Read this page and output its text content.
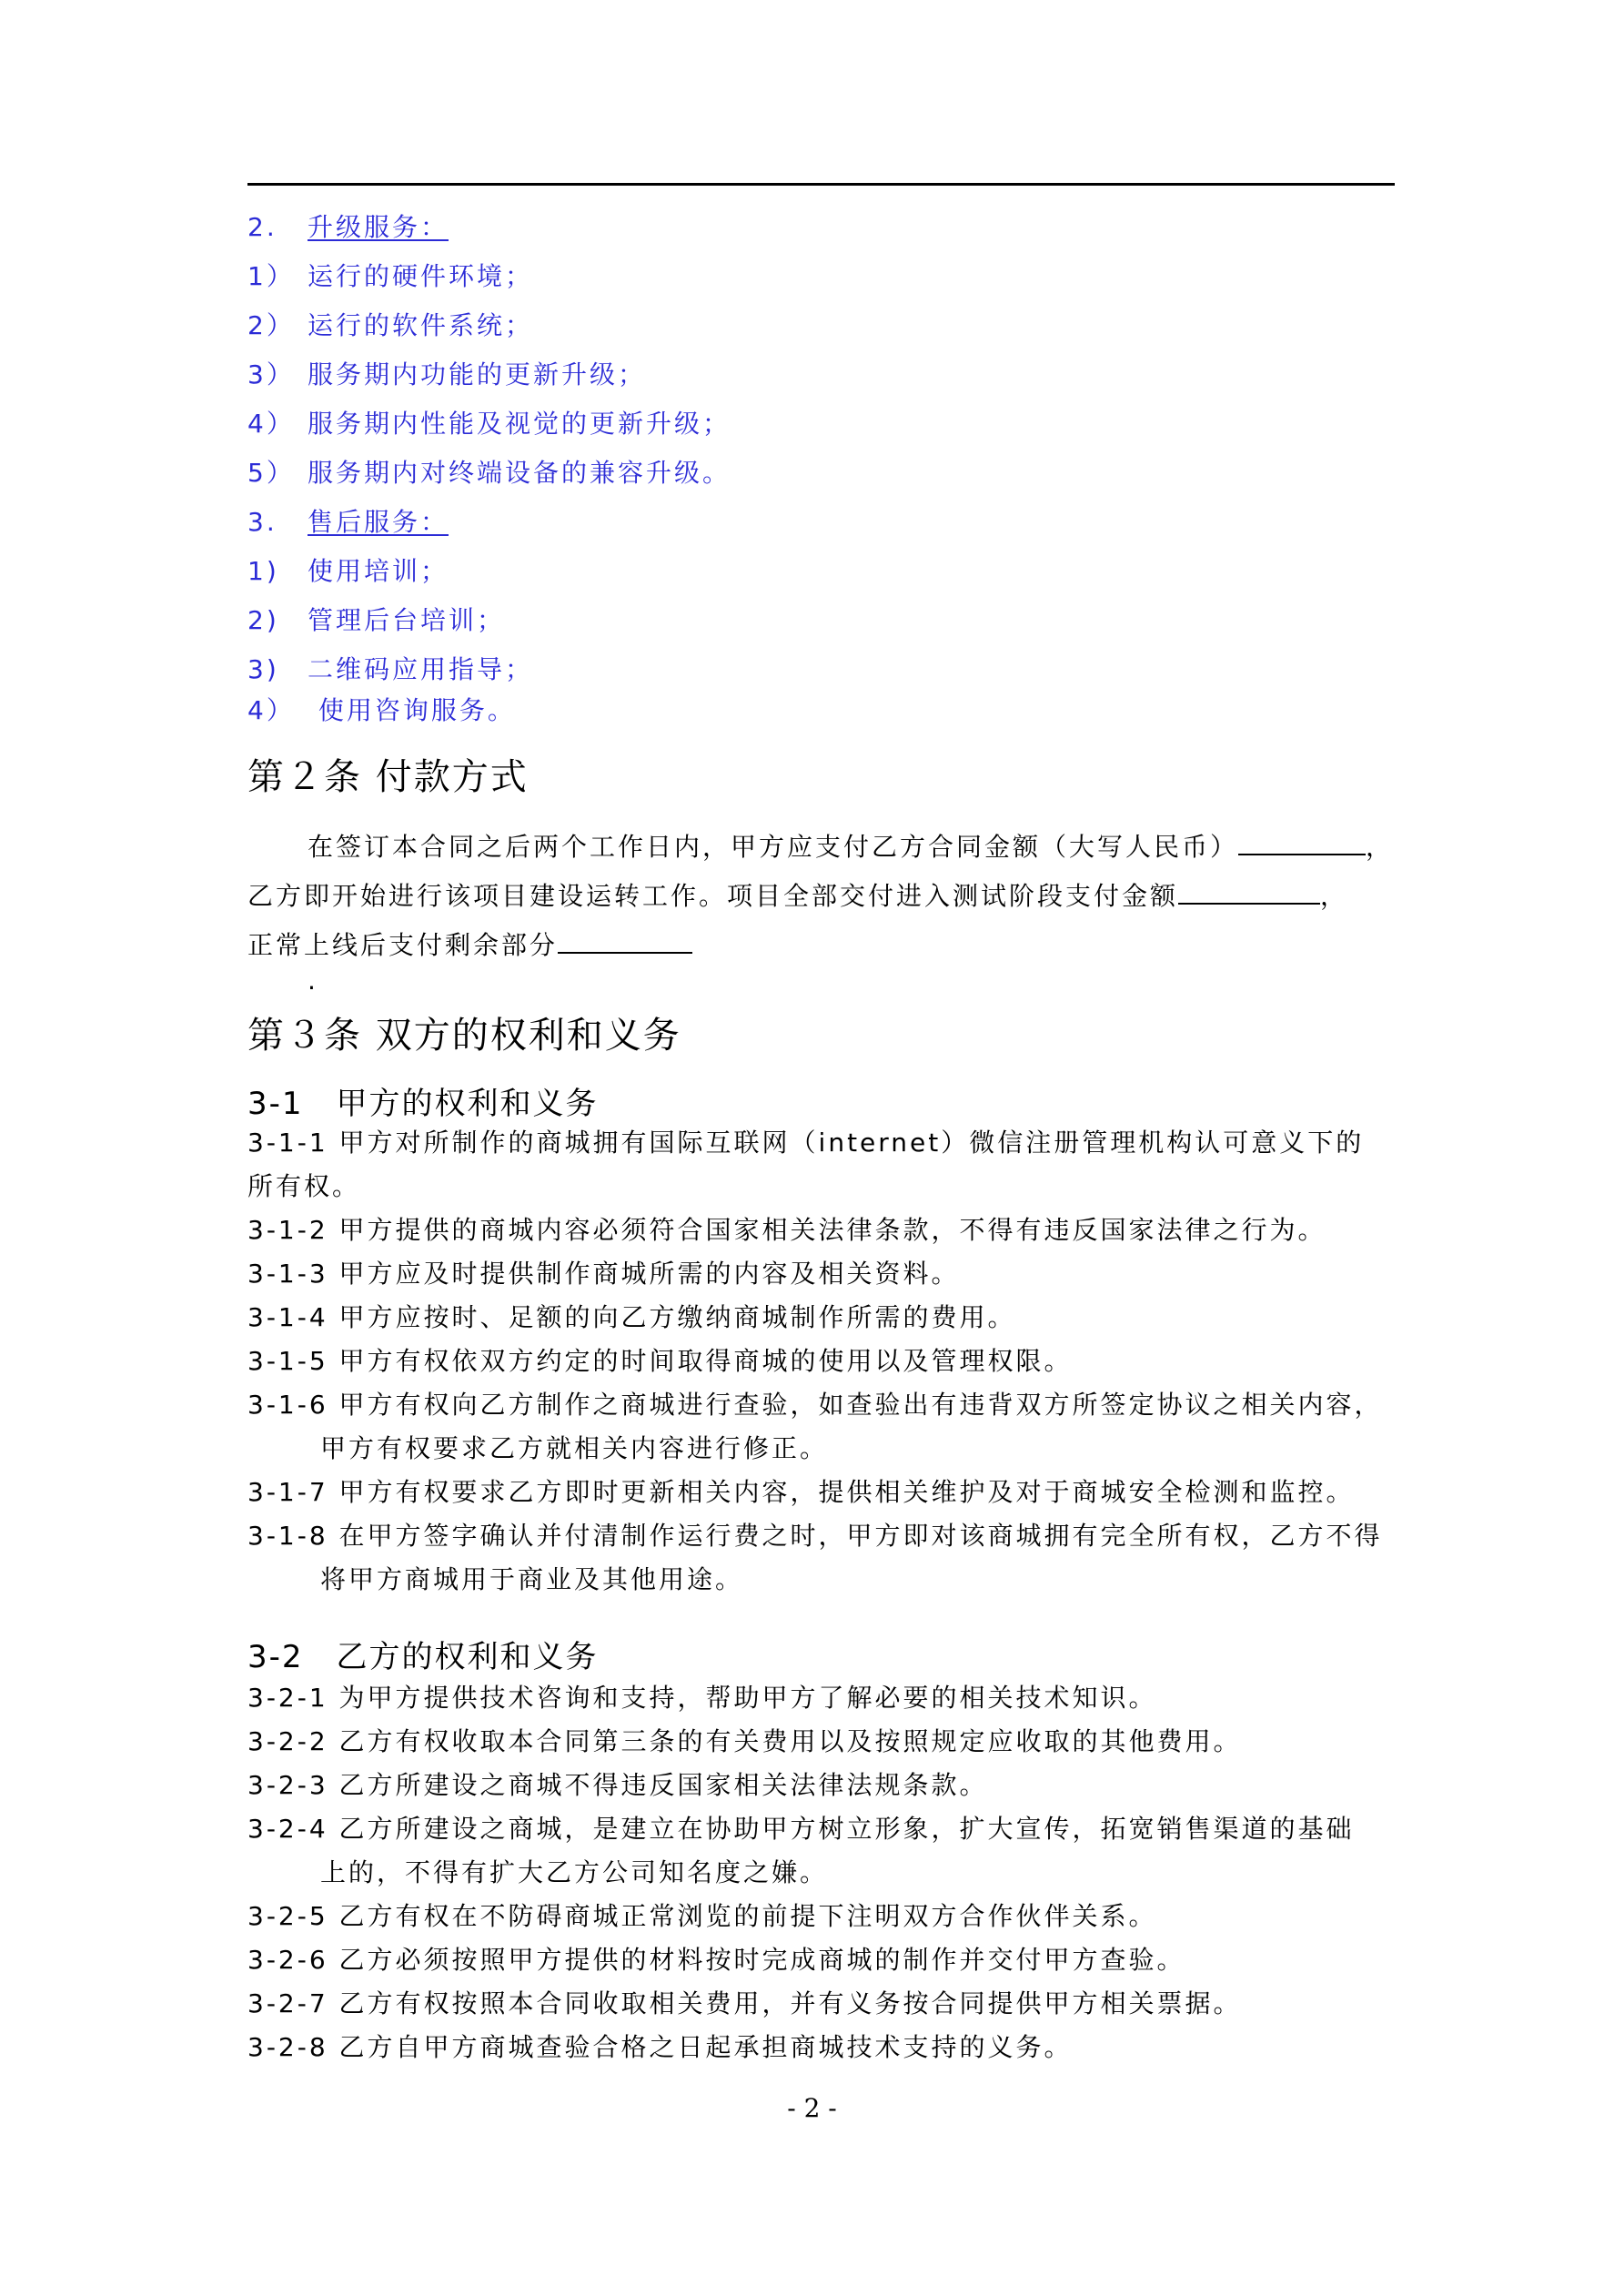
2. 升级服务：
1） 运行的硬件环境；
2） 运行的软件系统；
3） 服务期内功能的更新升级；
4） 服务期内性能及视觉的更新升级；
5） 服务期内对终端设备的兼容升级。
3. 售后服务：
1) 使用培训；
2) 管理后台培训；
3) 二维码应用指导；
4） 使用咨询服务。
第２条 付款方式
在签订本合同之后两个工作日内，甲方应支付乙方合同金额（大写人民币）	，
乙方即开始进行该项目建设运转工作。项目全部交付进入测试阶段支付金额	，
正常上线后支付剩余部分
.
第３条 双方的权利和义务
3-1　甲方的权利和义务
3-1-1 甲方对所制作的商城拥有国际互联网（internet）微信注册管理机构认可意义下的
所有权。
3-1-2 甲方提供的商城内容必须符合国家相关法律条款，不得有违反国家法律之行为。
3-1-3 甲方应及时提供制作商城所需的内容及相关资料。
3-1-4 甲方应按时、足额的向乙方缴纳商城制作所需的费用。
3-1-5 甲方有权依双方约定的时间取得商城的使用以及管理权限。
3-1-6 甲方有权向乙方制作之商城进行查验，如查验出有违背双方所签定协议之相关内容，
甲方有权要求乙方就相关内容进行修正。
3-1-7 甲方有权要求乙方即时更新相关内容，提供相关维护及对于商城安全检测和监控。
3-1-8 在甲方签字确认并付清制作运行费之时，甲方即对该商城拥有完全所有权，乙方不得
将甲方商城用于商业及其他用途。
3-2　乙方的权利和义务
3-2-1 为甲方提供技术咨询和支持，帮助甲方了解必要的相关技术知识。
3-2-2 乙方有权收取本合同第三条的有关费用以及按照规定应收取的其他费用。
3-2-3 乙方所建设之商城不得违反国家相关法律法规条款。
3-2-4 乙方所建设之商城，是建立在协助甲方树立形象，扩大宣传，拓宽销售渠道的基础
上的，不得有扩大乙方公司知名度之嫌。
3-2-5 乙方有权在不防碍商城正常浏览的前提下注明双方合作伙伴关系。
3-2-6 乙方必须按照甲方提供的材料按时完成商城的制作并交付甲方查验。
3-2-7 乙方有权按照本合同收取相关费用，并有义务按合同提供甲方相关票据。
3-2-8 乙方自甲方商城查验合格之日起承担商城技术支持的义务。
- 2 -
